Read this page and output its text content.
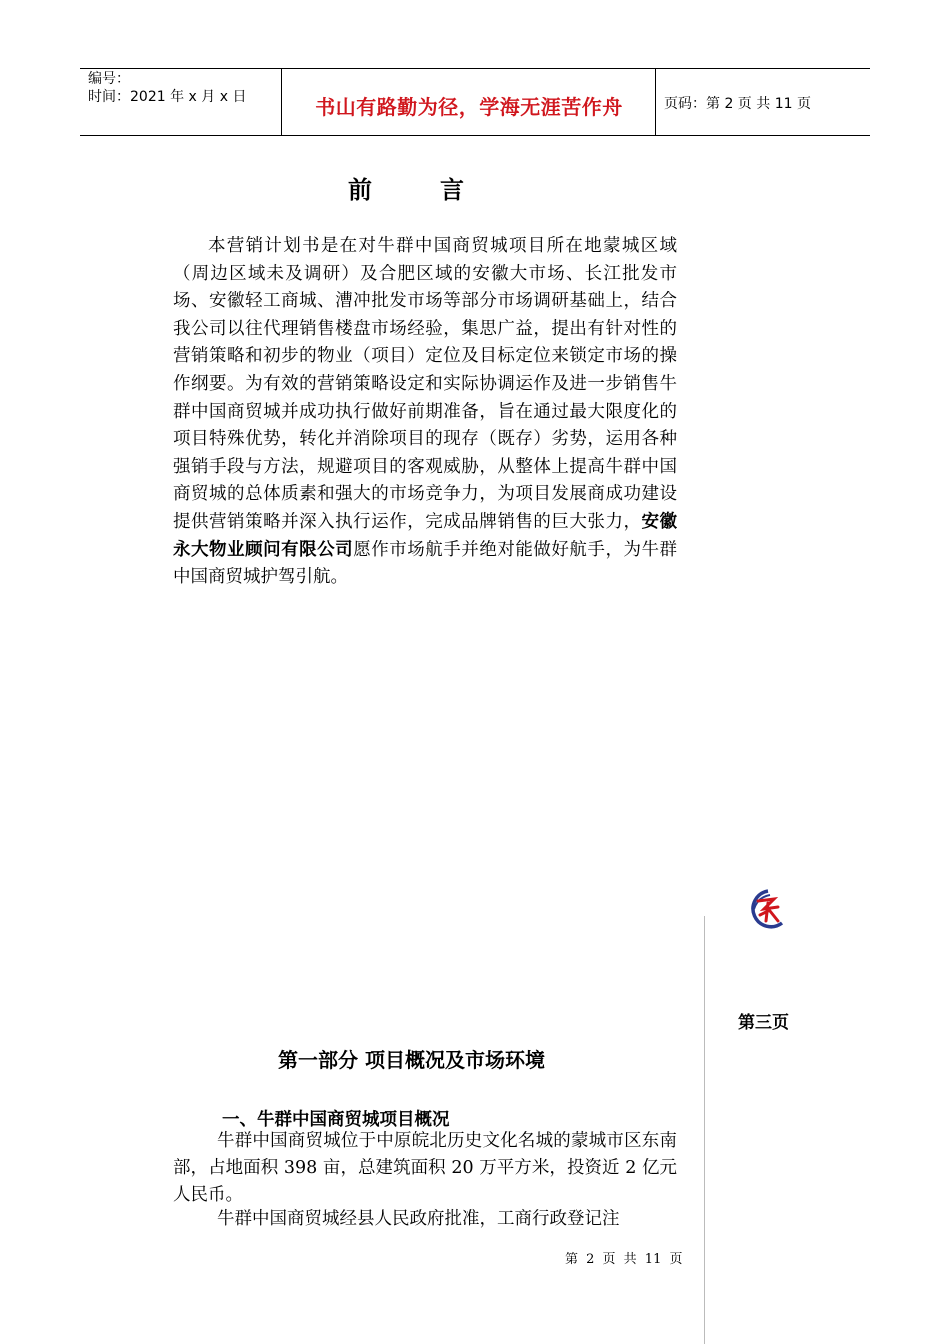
编号：
时间：2021 年 x 月 x 日	书山有路勤为径，学海无涯苦作舟	页码：第 2 页 共 11 页
前言
本营销计划书是在对牛群中国商贸城项目所在地蒙城区域（周边区域未及调研）及合肥区域的安徽大市场、长江批发市场、安徽轻工商城、漕冲批发市场等部分市场调研基础上，结合我公司以往代理销售楼盘市场经验，集思广益，提出有针对性的营销策略和初步的物业（项目）定位及目标定位来锁定市场的操作纲要。为有效的营销策略设定和实际协调运作及进一步销售牛群中国商贸城并成功执行做好前期准备，旨在通过最大限度化的项目特殊优势，转化并消除项目的现存（既存）劣势，运用各种强销手段与方法，规避项目的客观威胁，从整体上提高牛群中国商贸城的总体质素和强大的市场竞争力，为项目发展商成功建设提供营销策略并深入执行运作，完成品牌销售的巨大张力，安徽永大物业顾问有限公司愿作市场航手并绝对能做好航手，为牛群中国商贸城护驾引航。
第三页
第一部分 项目概况及市场环境
一、牛群中国商贸城项目概况
牛群中国商贸城位于中原皖北历史文化名城的蒙城市区东南部，占地面积 398 亩，总建筑面积 20 万平方米，投资近 2 亿元人民币。
牛群中国商贸城经县人民政府批准，工商行政登记注
第 2 页 共 11 页
